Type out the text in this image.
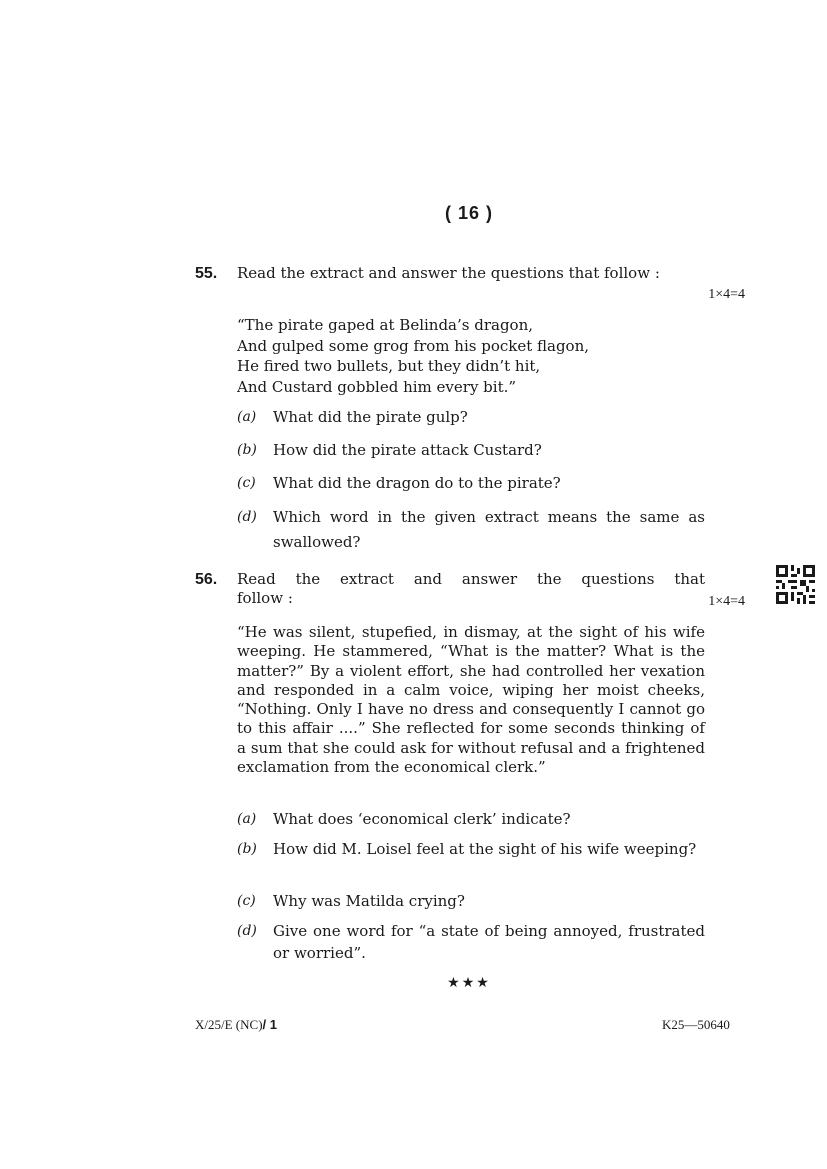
( 16 )
55. Read the extract and answer the questions that follow :
1×4=4
“The pirate gaped at Belinda’s dragon,
And gulped some grog from his pocket flagon,
He fired two bullets, but they didn’t hit,
And Custard gobbled him every bit.”
(a) What did the pirate gulp?
(b) How did the pirate attack Custard?
(c) What did the dragon do to the pirate?
(d) Which word in the given extract means the same as
swallowed?
56. Read the extract and answer the questions that
follow :	1×4=4
“He was silent, stupefied, in dismay, at the sight of his wife weeping. He stammered, “What is the matter? What is the matter?” By a violent effort, she had controlled her vexation and responded in a calm voice, wiping her moist cheeks, “Nothing. Only I have no dress and consequently I cannot go to this affair ....” She reflected for some seconds thinking of a sum that she could ask for without refusal and a frightened exclamation from the economical clerk.”
(a) What does ‘economical clerk’ indicate?
(b) How did M. Loisel feel at the sight of his wife weeping?
(c) Why was Matilda crying?
(d) Give one word for “a state of being annoyed, frustrated or worried”.
★★★
X/25/E (NC)/ 1	K25—50640
